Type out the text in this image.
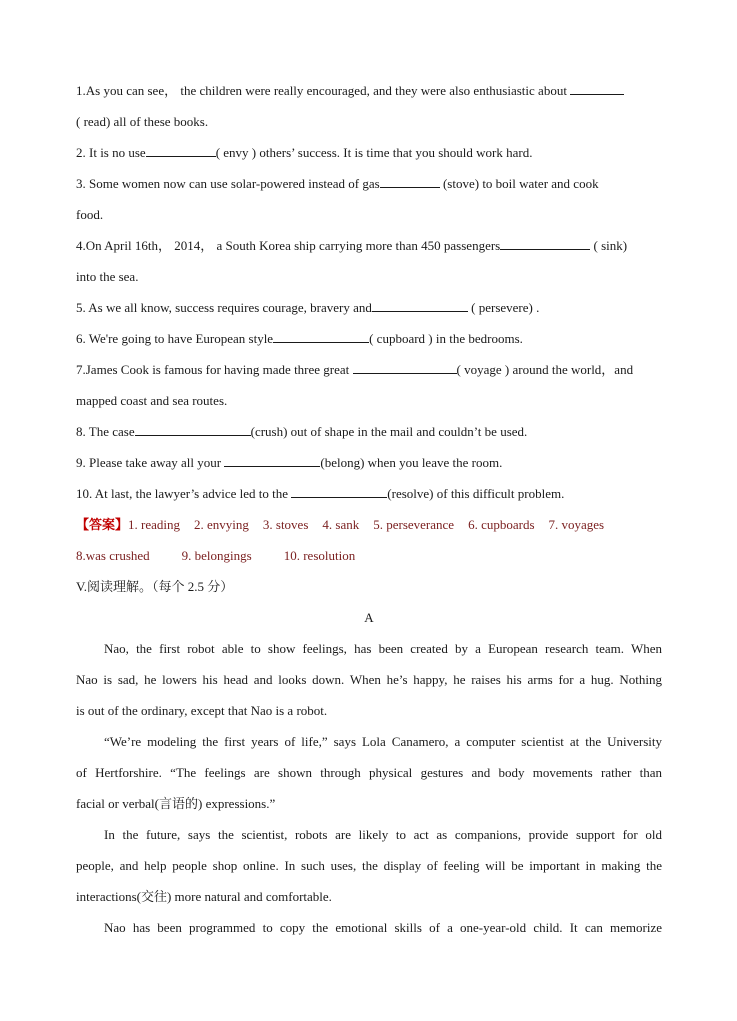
1.As you can see， the children were really encouraged, and they were also enthusiastic about
( read) all of these books.
2. It is no use	( envy ) others’ success. It is time that you should work hard.
3. Some women now can use solar-powered instead of gas	(stove) to boil water and cook
food.
4.On April 16th， 2014， a South Korea ship carrying more than 450 passengers	( sink)
into the sea.
5. As we all know, success requires courage, bravery and	( persevere) .
6. We're going to have European style	( cupboard ) in the bedrooms.
7.James Cook is famous for having made three great	( voyage ) around the world，and
mapped coast and sea routes.
8. The case	(crush) out of shape in the mail and couldn’t be used.
9. Please take away all your	(belong) when you leave the room.
10. At last, the lawyer’s advice led to the	(resolve) of this difficult problem.
【答案】1. reading 2. envying 3. stoves 4. sank 5. perseverance 6. cupboards 7. voyages
8.was crushed 9. belongings 10. resolution
V.阅读理解。（每个 2.5 分）
A
Nao, the first robot able to show feelings, has been created by a European research team. When
Nao is sad, he lowers his head and looks down. When he’s happy, he raises his arms for a hug. Nothing
is out of the ordinary, except that Nao is a robot.
“We’re modeling the first years of life,” says Lola Canamero, a computer scientist at the University
of Hertforshire. “The feelings are shown through physical gestures and body movements rather than
facial or verbal(言语的) expressions.”
In the future, says the scientist, robots are likely to act as companions, provide support for old
people, and help people shop online. In such uses, the display of feeling will be important in making the
interactions(交往) more natural and comfortable.
Nao has been programmed to copy the emotional skills of a one-year-old child. It can memorize
